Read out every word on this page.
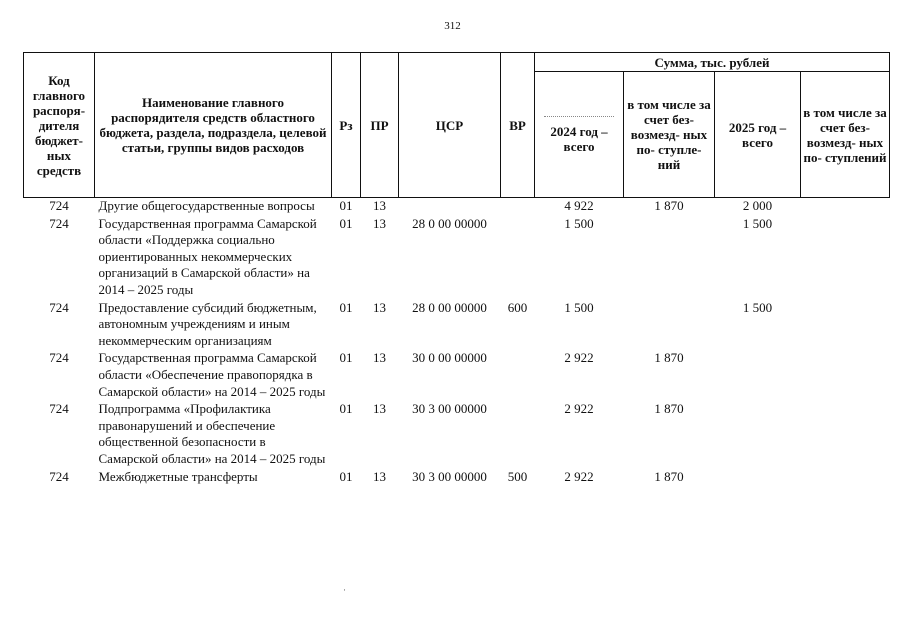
312
Код главного распоря- дителя бюджет- ных средств	Наименование главного распорядителя средств областного бюджета, раздела, подраздела, целевой статьи, группы видов расходов	Рз	ПР	ЦСР	ВР	Сумма, тыс. рублей			

2024 год – всего	в том числе за счет без- возмезд- ных по- ступле- ний	2025 год – всего	в том числе за счет без- возмезд- ных по- ступлений
724	Другие общегосударственные вопросы	01	13			4 922	1 870	2 000	
724	Государственная программа Самарской области «Поддержка социально ориентированных некоммерческих организаций в Самарской области» на 2014 – 2025 годы	01	13	28 0 00 00000		1 500		1 500	
724	Предоставление субсидий бюджетным, автономным учреждениям и иным некоммерческим организациям	01	13	28 0 00 00000	600	1 500		1 500	
724	Государственная программа Самарской области «Обеспечение правопорядка в Самарской области» на 2014 – 2025 годы	01	13	30 0 00 00000		2 922	1 870		
724	Подпрограмма «Профилактика правонарушений и обеспечение общественной безопасности в Самарской области» на 2014 – 2025 годы	01	13	30 3 00 00000		2 922	1 870		
724	Межбюджетные трансферты	01	13	30 3 00 00000	500	2 922	1 870		
·
